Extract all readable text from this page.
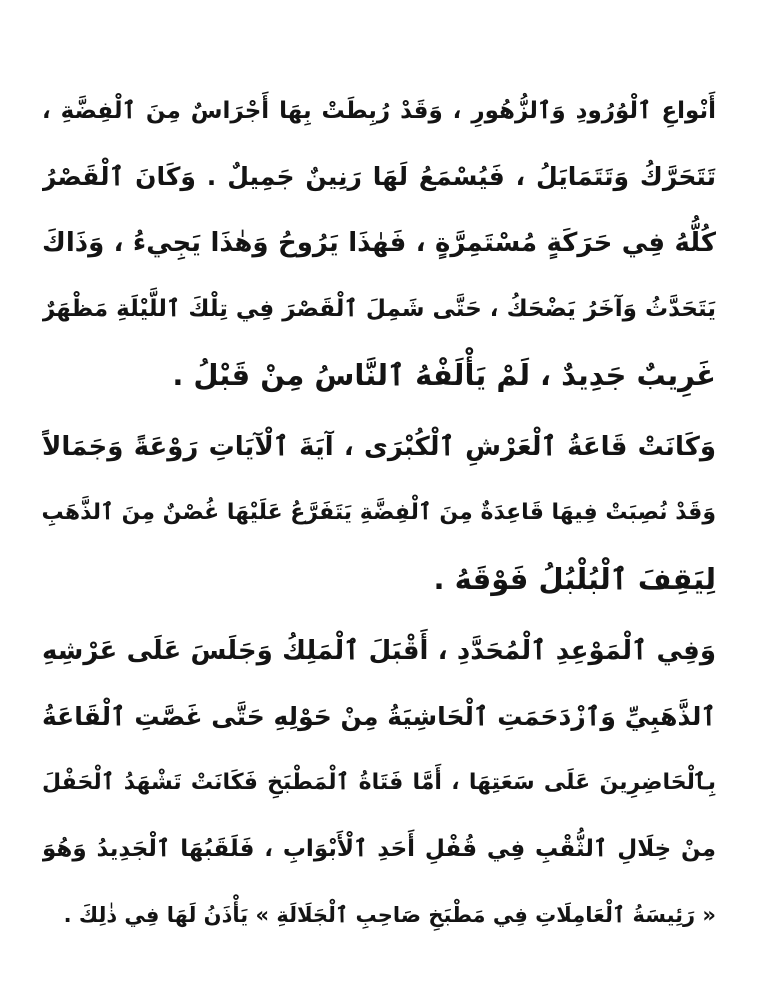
أَنْواعِ ٱلْوُرُودِ وَٱلزُّهُورِ ، وَقَدْ رُبِطَتْ بِهَا أَجْرَاسٌ مِنَ ٱلْفِضَّةِ ،
تَتَحَرَّكُ وَتَتَمَايَلُ ، فَيُسْمَعُ لَهَا رَنِينٌ جَمِيلٌ . وَكَانَ ٱلْقَصْرُ
كُلُّهُ فِي حَرَكَةٍ مُسْتَمِرَّةٍ ، فَهٰذَا يَرُوحُ وَهٰذَا يَجِيءُ ، وَذَاكَ
يَتَحَدَّثُ وَآخَرُ يَضْحَكُ ، حَتَّى شَمِلَ ٱلْقَصْرَ فِي تِلْكَ ٱللَّيْلَةِ مَظْهَرٌ
غَرِيبٌ جَدِيدٌ ، لَمْ يَأْلَفْهُ ٱلنَّاسُ مِنْ قَبْلُ .
وَكَانَتْ قَاعَةُ ٱلْعَرْشِ ٱلْكُبْرَى ، آيَةَ ٱلْآيَاتِ رَوْعَةً وَجَمَالاً
وَقَدْ نُصِبَتْ فِيهَا قَاعِدَةٌ مِنَ ٱلْفِضَّةِ يَتَفَرَّعُ عَلَيْهَا غُصْنٌ مِنَ ٱلذَّهَبِ
لِيَقِفَ ٱلْبُلْبُلُ فَوْقَهُ .
وَفِي ٱلْمَوْعِدِ ٱلْمُحَدَّدِ ، أَقْبَلَ ٱلْمَلِكُ وَجَلَسَ عَلَى عَرْشِهِ
ٱلذَّهَبِيِّ وَٱزْدَحَمَتِ ٱلْحَاشِيَةُ مِنْ حَوْلِهِ حَتَّى غَصَّتِ ٱلْقَاعَةُ
بِٱلْحَاضِرِينَ عَلَى سَعَتِهَا ، أَمَّا فَتَاةُ ٱلْمَطْبَخِ فَكَانَتْ تَشْهَدُ ٱلْحَفْلَ
مِنْ خِلَالِ ٱلثُّقْبِ فِي قُفْلِ أَحَدِ ٱلْأَبْوَابِ ، فَلَقَبُهَا ٱلْجَدِيدُ وَهُوَ
« رَئِيسَةُ ٱلْعَامِلَاتِ فِي مَطْبَخِ صَاحِبِ ٱلْجَلَالَةِ » يَأْذَنُ لَهَا فِي ذٰلِكَ .
